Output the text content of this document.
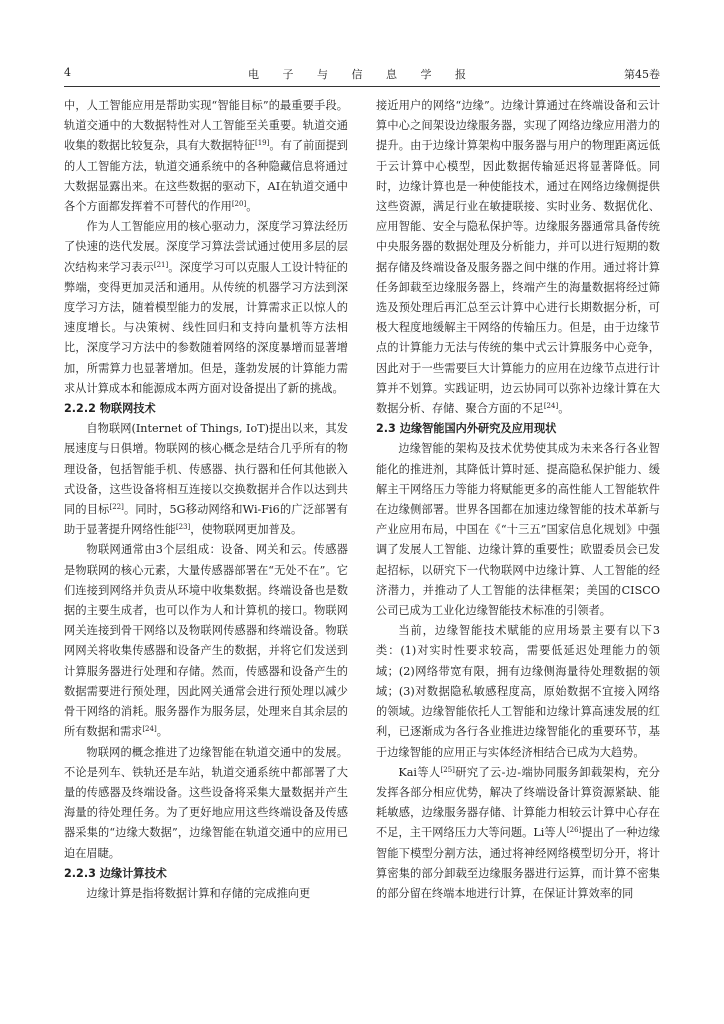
4	电 子 与 信 息 学 报	第45卷

中，人工智能应用是帮助实现“智能目标”的最重要手段。轨道交通中的大数据特性对人工智能至关重要。轨道交通收集的数据比较复杂，具有大数据特征[19]。有了前面提到的人工智能方法，轨道交通系统中的各种隐藏信息将通过大数据显露出来。在这些数据的驱动下，AI在轨道交通中各个方面都发挥着不可替代的作用[20]。

作为人工智能应用的核心驱动力，深度学习算法经历了快速的迭代发展。深度学习算法尝试通过使用多层的层次结构来学习表示[21]。深度学习可以克服人工设计特征的弊端，变得更加灵活和通用。从传统的机器学习方法到深度学习方法，随着模型能力的发展，计算需求正以惊人的速度增长。与决策树、线性回归和支持向量机等方法相比，深度学习方法中的参数随着网络的深度暴增而显著增加，所需算力也显著增加。但是，蓬勃发展的计算能力需求从计算成本和能源成本两方面对设备提出了新的挑战。

2.2.2 物联网技术

自物联网(Internet of Things, IoT)提出以来，其发展速度与日俱增。物联网的核心概念是结合几乎所有的物理设备，包括智能手机、传感器、执行器和任何其他嵌入式设备，这些设备将相互连接以交换数据并合作以达到共同的目标[22]。同时，5G移动网络和Wi-Fi6的广泛部署有助于显著提升网络性能[23]，使物联网更加普及。

物联网通常由3个层组成：设备、网关和云。传感器是物联网的核心元素，大量传感器部署在“无处不在”。它们连接到网络并负责从环境中收集数据。终端设备也是数据的主要生成者，也可以作为人和计算机的接口。物联网网关连接到骨干网络以及物联网传感器和终端设备。物联网网关将收集传感器和设备产生的数据，并将它们发送到计算服务器进行处理和存储。然而，传感器和设备产生的数据需要进行预处理，因此网关通常会进行预处理以减少骨干网络的消耗。服务器作为服务层，处理来自其余层的所有数据和需求[24]。

物联网的概念推进了边缘智能在轨道交通中的发展。不论是列车、铁轨还是车站，轨道交通系统中都部署了大量的传感器及终端设备。这些设备将采集大量数据并产生海量的待处理任务。为了更好地应用这些终端设备及传感器采集的“边缘大数据”，边缘智能在轨道交通中的应用已迫在眉睫。

2.2.3 边缘计算技术

边缘计算是指将数据计算和存储的完成推向更

接近用户的网络“边缘”。边缘计算通过在终端设备和云计算中心之间架设边缘服务器，实现了网络边缘应用潜力的提升。由于边缘计算架构中服务器与用户的物理距离远低于云计算中心模型，因此数据传输延迟将显著降低。同时，边缘计算也是一种使能技术，通过在网络边缘侧提供这些资源，满足行业在敏捷联接、实时业务、数据优化、应用智能、安全与隐私保护等。边缘服务器通常具备传统中央服务器的数据处理及分析能力，并可以进行短期的数据存储及终端设备及服务器之间中继的作用。通过将计算任务卸载至边缘服务器上，终端产生的海量数据将经过筛选及预处理后再汇总至云计算中心进行长期数据分析，可极大程度地缓解主干网络的传输压力。但是，由于边缘节点的计算能力无法与传统的集中式云计算服务中心竞争，因此对于一些需要巨大计算能力的应用在边缘节点进行计算并不划算。实践证明，边云协同可以弥补边缘计算在大数据分析、存储、聚合方面的不足[24]。

2.3 边缘智能国内外研究及应用现状

边缘智能的架构及技术优势使其成为未来各行各业智能化的推进剂，其降低计算时延、提高隐私保护能力、缓解主干网络压力等能力将赋能更多的高性能人工智能软件在边缘侧部署。世界各国都在加速边缘智能的技术革新与产业应用布局，中国在《“十三五”国家信息化规划》中强调了发展人工智能、边缘计算的重要性；欧盟委员会已发起招标，以研究下一代物联网中边缘计算、人工智能的经济潜力，并推动了人工智能的法律框架；美国的CISCO公司已成为工业化边缘智能技术标准的引领者。

当前，边缘智能技术赋能的应用场景主要有以下3类：(1)对实时性要求较高，需要低延迟处理能力的领域；(2)网络带宽有限，拥有边缘侧海量待处理数据的领域；(3)对数据隐私敏感程度高，原始数据不宜接入网络的领域。边缘智能依托人工智能和边缘计算高速发展的红利，已逐渐成为各行各业推进边缘智能化的重要环节，基于边缘智能的应用正与实体经济相结合已成为大趋势。

Kai等人[25]研究了云-边-端协同服务卸载架构，充分发挥各部分相应优势，解决了终端设备计算资源紧缺、能耗敏感，边缘服务器存储、计算能力相较云计算中心存在不足，主干网络压力大等问题。Li等人[26]提出了一种边缘智能下模型分割方法，通过将神经网络模型切分开，将计算密集的部分卸载至边缘服务器进行运算，而计算不密集的部分留在终端本地进行计算，在保证计算效率的同
